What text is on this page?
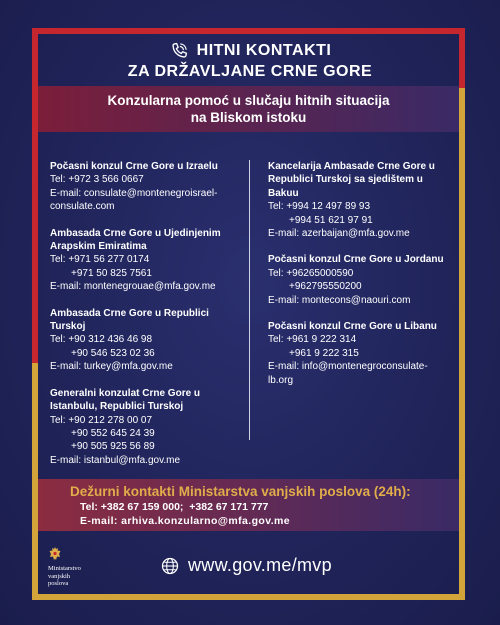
HITNI KONTAKTI
ZA DRŽAVLJANE CRNE GORE
Konzularna pomoć u slučaju hitnih situacija
na Bliskom istoku
Počasni konzul Crne Gore u Izraelu
Tel: +972 3 566 0667
E-mail: consulate@montenegroisrael-
consulate.com
Ambasada Crne Gore u Ujedinjenim
Arapskim Emiratima
Tel: +971 56 277 0174
+971 50 825 7561
E-mail: montenegrouae@mfa.gov.me
Ambasada Crne Gore u Republici
Turskoj
Tel: +90 312 436 46 98
+90 546 523 02 36
E-mail: turkey@mfa.gov.me
Generalni konzulat Crne Gore u
Istanbulu, Republici Turskoj
Tel: +90 212 278 00 07
+90 552 645 24 39
+90 505 925 56 89
E-mail: istanbul@mfa.gov.me
Kancelarija Ambasade Crne Gore u
Republici Turskoj sa sjedištem u
Bakuu
Tel: +994 12 497 89 93
+994 51 621 97 91
E-mail: azerbaijan@mfa.gov.me
Počasni konzul Crne Gore u Jordanu
Tel: +96265000590
+962795550200
E-mail: montecons@naouri.com
Počasni konzul Crne Gore u Libanu
Tel: +961 9 222 314
+961 9 222 315
E-mail: info@montenegroconsulate-
lb.org
Dežurni kontakti Ministarstva vanjskih poslova (24h):
Tel: +382 67 159 000;  +382 67 171 777
E-mail: arhiva.konzularno@mfa.gov.me
Ministarstvo
vanjskih
poslova
www.gov.me/mvp
